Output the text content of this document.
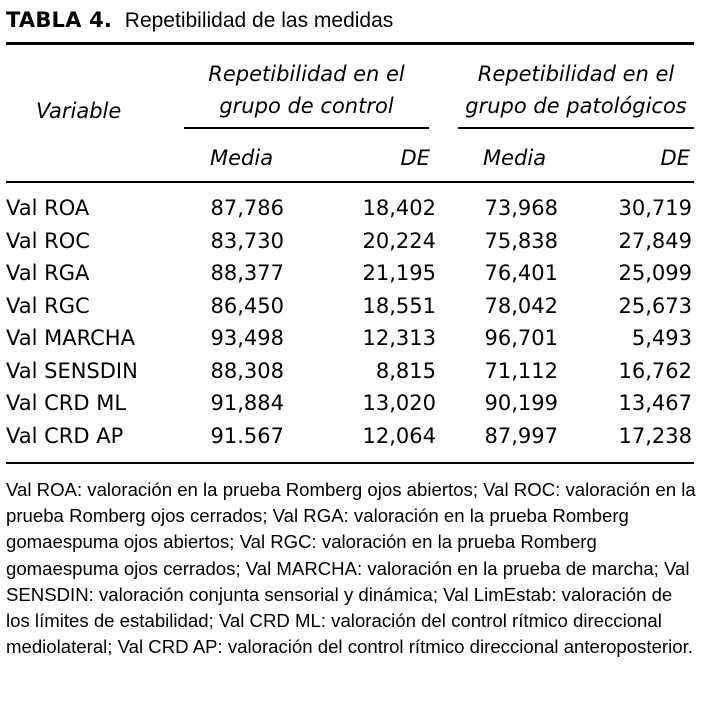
TABLA 4. Repetibilidad de las medidas
Repetibilidad en el
grupo de control
Repetibilidad en el
grupo de patológicos
Variable
Media	DE	Media	DE
Val ROA	87,786	18,402	73,968	30,719
Val ROC	83,730	20,224	75,838	27,849
Val RGA	88,377	21,195	76,401	25,099
Val RGC	86,450	18,551	78,042	25,673
Val MARCHA	93,498	12,313	96,701	5,493
Val SENSDIN	88,308	8,815	71,112	16,762
Val CRD ML	91,884	13,020	90,199	13,467
Val CRD AP	91.567	12,064	87,997	17,238
Val ROA: valoración en la prueba Romberg ojos abiertos; Val ROC: valoración en la prueba Romberg ojos cerrados; Val RGA: valoración en la prueba Romberg gomaespuma ojos abiertos; Val RGC: valoración en la prueba Romberg gomaespuma ojos cerrados; Val MARCHA: valoración en la prueba de marcha; Val SENSDIN: valoración conjunta sensorial y dinámica; Val LimEstab: valoración de los límites de estabilidad; Val CRD ML: valoración del control rítmico direccional mediolateral; Val CRD AP: valoración del control rítmico direccional anteroposterior.
